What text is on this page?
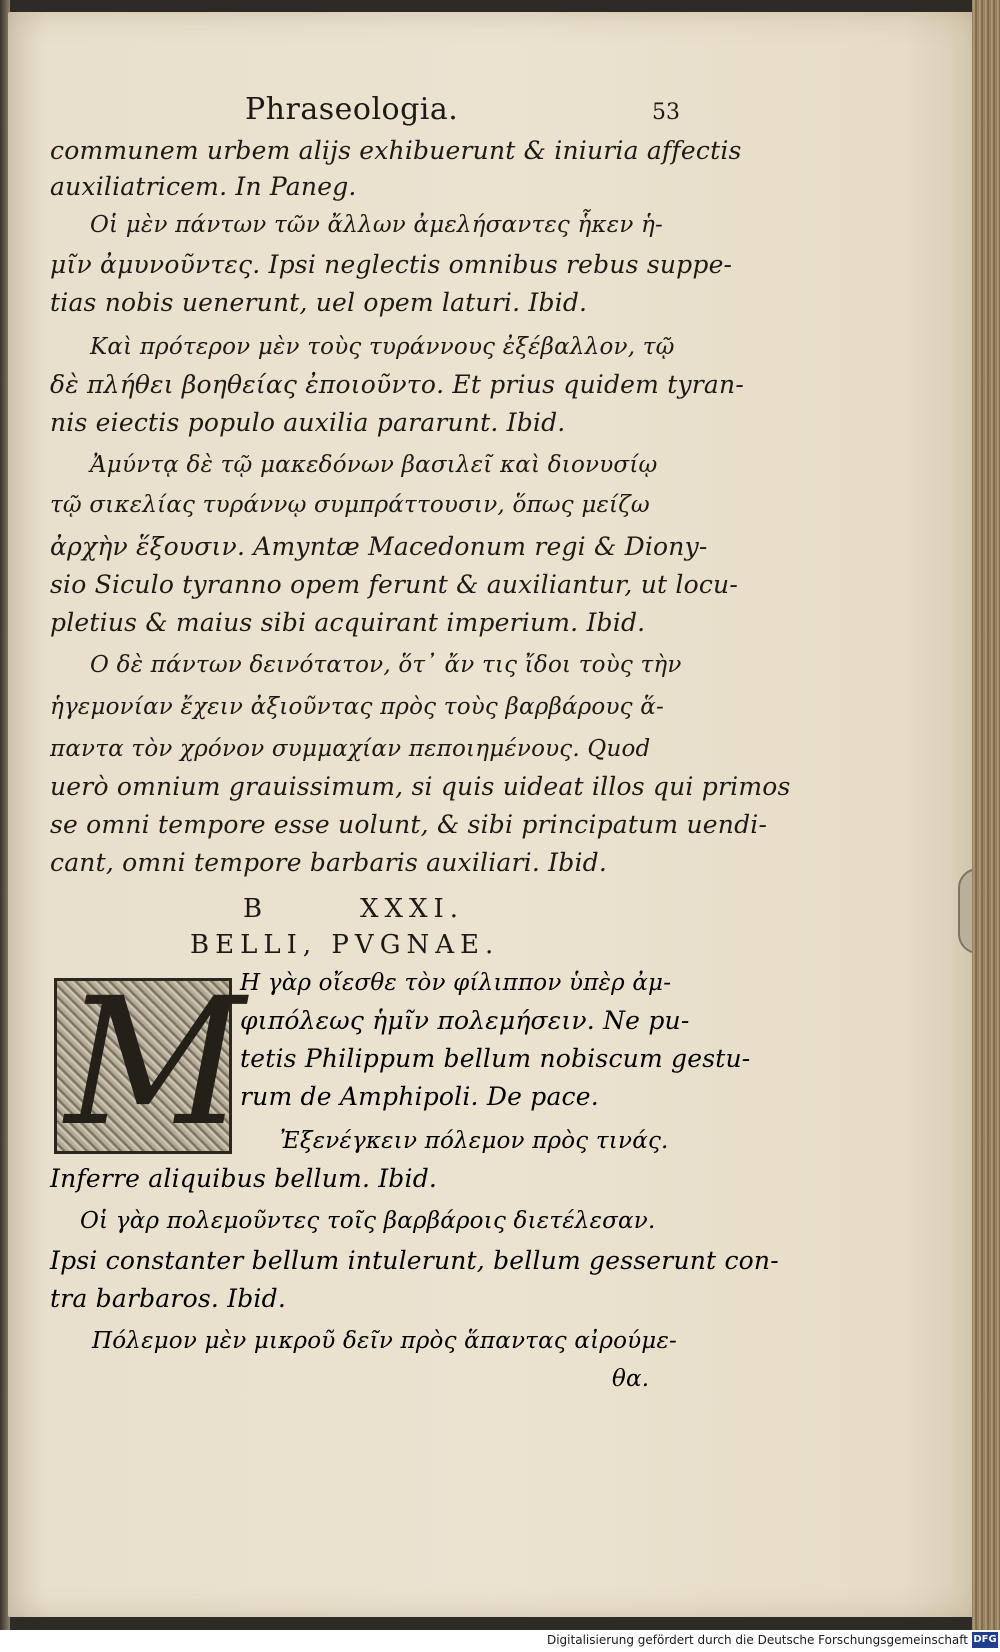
Phraseologia.	53
communem urbem alijs exhibuerunt & iniuria affectis
auxiliatricem. In Paneg.
Οἱ μὲν πάντων τῶν ἄλλων ἀμελήσαντες ἧκεν ἡ-
μῖν ἀμυνοῦντες. Ipsi neglectis omnibus rebus suppe-
tias nobis uenerunt, uel opem laturi. Ibid.
Καὶ πρότερον μὲν τοὺς τυράννους ἐξέβαλλον, τῷ
δὲ πλήθει βοηθείας ἐποιοῦντο. Et prius quidem tyran-
nis eiectis populo auxilia pararunt. Ibid.
Ἀμύντᾳ δὲ τῷ μακεδόνων βασιλεῖ καὶ διονυσίῳ
τῷ σικελίας τυράννῳ συμπράττουσιν, ὅπως μείζω
ἀρχὴν ἕξουσιν. Amyntæ Macedonum regi & Diony-
sio Siculo tyranno opem ferunt & auxiliantur, ut locu-
pletius & maius sibi acquirant imperium. Ibid.
Ο δὲ πάντων δεινότατον, ὅτ᾽ ἄν τις ἴδοι τοὺς τὴν
ἡγεμονίαν ἔχειν ἀξιοῦντας πρὸς τοὺς βαρβάρους ἅ-
παντα τὸν χρόνον συμμαχίαν πεποιημένους. Quod
uerò omnium grauissimum, si quis uideat illos qui primos
se omni tempore esse uolunt, & sibi principatum uendi-
cant, omni tempore barbaris auxiliari. Ibid.
B	XXXI.
BELLI, PVGNAE.
M
Η γὰρ οἴεσθε τὸν φίλιππον ὑπὲρ ἀμ-
φιπόλεως ἡμῖν πολεμήσειν. Ne pu-
tetis Philippum bellum nobiscum gestu-
rum de Amphipoli. De pace.
Ἐξενέγκειν πόλεμον πρὸς τινάς.
Inferre aliquibus bellum. Ibid.
Οἱ γὰρ πολεμοῦντες τοῖς βαρβάροις διετέλεσαν.
Ipsi constanter bellum intulerunt, bellum gesserunt con-
tra barbaros. Ibid.
Πόλεμον μὲν μικροῦ δεῖν πρὸς ἅπαντας αἰρούμε-
θα.
Digitalisierung gefördert durch die Deutsche Forschungsgemeinschaft DFG
